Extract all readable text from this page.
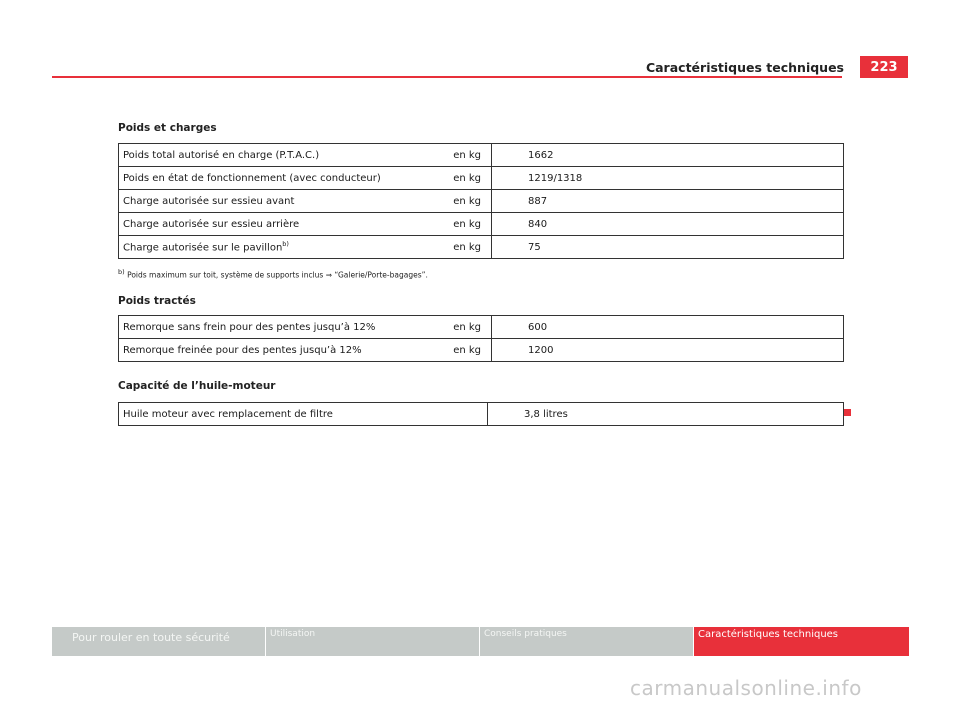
Caractéristiques techniques	223
Poids et charges
Poids total autorisé en charge (P.T.A.C.)	en kg	1662
Poids en état de fonctionnement (avec conducteur)	en kg	1219/1318
Charge autorisée sur essieu avant	en kg	887
Charge autorisée sur essieu arrière	en kg	840
Charge autorisée sur le pavillon$^{b)}$	en kg	75
$^{b)}$ Poids maximum sur toit, système de supports inclus ⇒ “Galerie/Porte-bagages”.
Poids tractés
Remorque sans frein pour des pentes jusqu’à 12%	en kg	600
Remorque freinée pour des pentes jusqu’à 12%	en kg	1200
Capacité de l’huile-moteur
Huile moteur avec remplacement de filtre	3,8 litres
Pour rouler en toute sécurité	Utilisation	Conseils pratiques	Caractéristiques techniques
carmanualsonline.info
